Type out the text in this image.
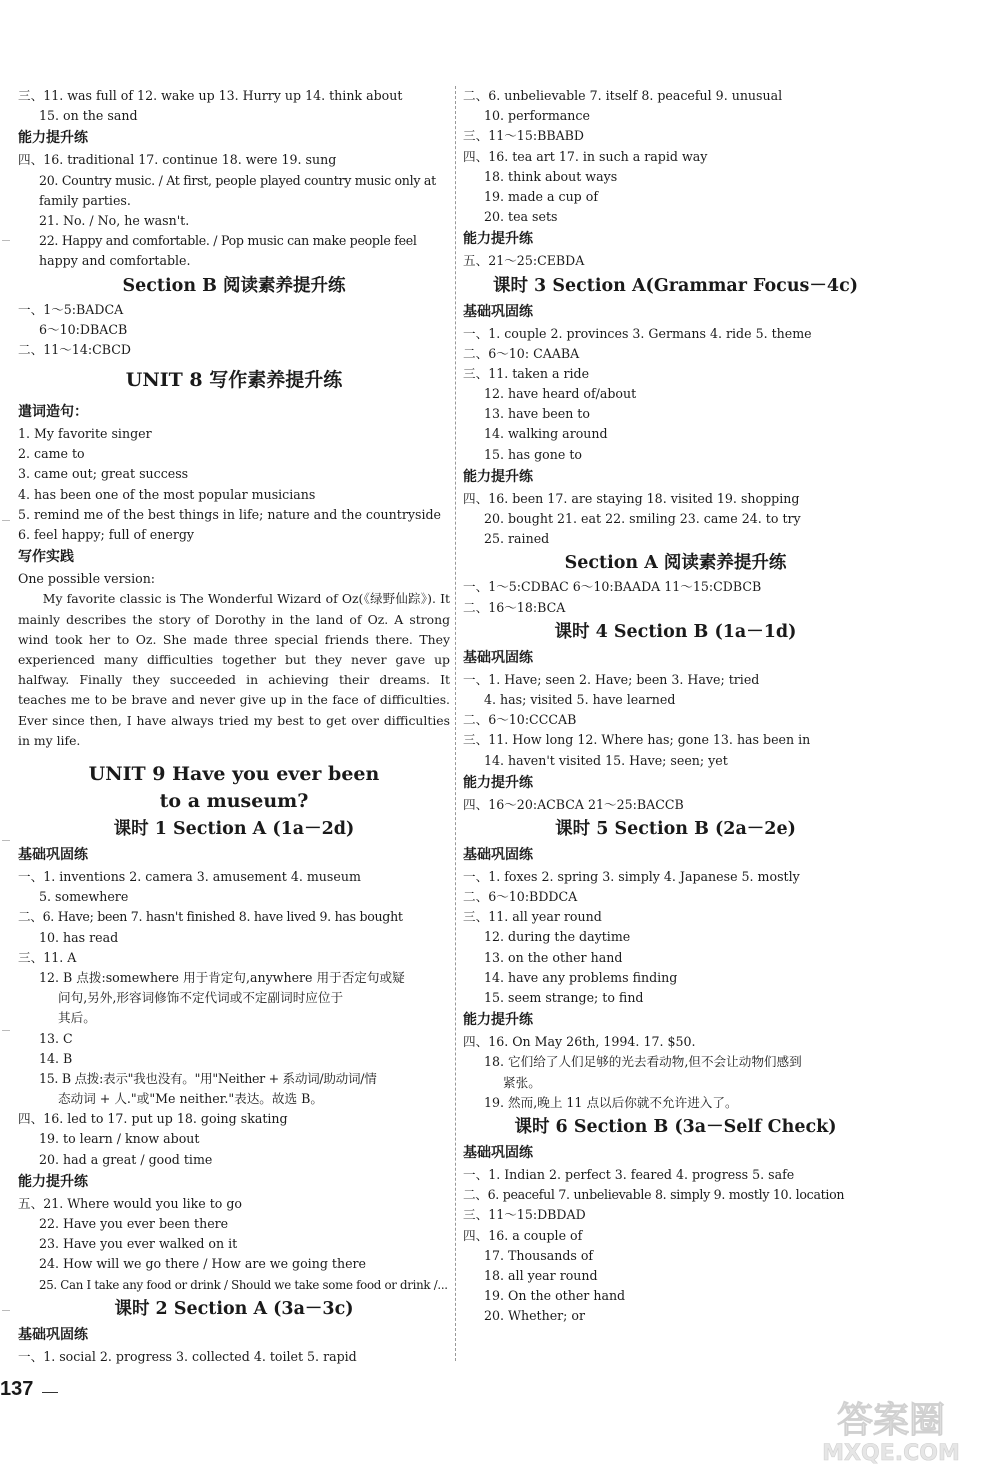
三、11. was full of 12. wake up 13. Hurry up 14. think about
15. on the sand
能力提升练
四、16. traditional 17. continue 18. were 19. sung
20. Country music. / At first, people played country music only at
family parties.
21. No. / No, he wasn't.
22. Happy and comfortable. / Pop music can make people feel
happy and comfortable.
Section B 阅读素养提升练
一、1～5:BADCA
6～10:DBACB
二、11～14:CBCD
UNIT 8 写作素养提升练
遣词造句：
1. My favorite singer
2. came to
3. came out; great success
4. has been one of the most popular musicians
5. remind me of the best things in life; nature and the countryside
6. feel happy; full of energy
写作实践
One possible version:

My favorite classic is The Wonderful Wizard of Oz(《绿野仙踪》). It mainly describes the story of Dorothy in the land of Oz. A strong wind took her to Oz. She made three special friends there. They experienced many difficulties together but they never gave up halfway. Finally they succeeded in achieving their dreams. It teaches me to be brave and never give up in the face of difficulties. Ever since then, I have always tried my best to get over difficulties in my life.

UNIT 9 Have you ever been
to a museum?
课时 1 Section A (1a－2d)
基础巩固练
一、1. inventions 2. camera 3. amusement 4. museum
5. somewhere
二、6. Have; been 7. hasn't finished 8. have lived 9. has bought
10. has read
三、11. A
12. B 点拨:somewhere 用于肯定句,anywhere 用于否定句或疑
问句,另外,形容词修饰不定代词或不定副词时应位于
其后。
13. C
14. B
15. B 点拨:表示"我也没有。"用"Neither + 系动词/助动词/情
态动词 + 人."或"Me neither."表达。故选 B。
四、16. led to 17. put up 18. going skating
19. to learn / know about
20. had a great / good time
能力提升练
五、21. Where would you like to go
22. Have you ever been there
23. Have you ever walked on it
24. How will we go there / How are we going there
25. Can I take any food or drink / Should we take some food or drink /...
课时 2 Section A (3a－3c)
基础巩固练
一、1. social 2. progress 3. collected 4. toilet 5. rapid
二、6. unbelievable 7. itself 8. peaceful 9. unusual
10. performance
三、11～15:BBABD
四、16. tea art 17. in such a rapid way
18. think about ways
19. made a cup of
20. tea sets
能力提升练
五、21～25:CEBDA
课时 3 Section A(Grammar Focus－4c)
基础巩固练
一、1. couple 2. provinces 3. Germans 4. ride 5. theme
二、6～10: CAABA
三、11. taken a ride
12. have heard of/about
13. have been to
14. walking around
15. has gone to
能力提升练
四、16. been 17. are staying 18. visited 19. shopping
20. bought 21. eat 22. smiling 23. came 24. to try
25. rained
Section A 阅读素养提升练
一、1～5:CDBAC 6～10:BAADA 11～15:CDBCB
二、16～18:BCA
课时 4 Section B (1a－1d)
基础巩固练
一、1. Have; seen 2. Have; been 3. Have; tried
4. has; visited 5. have learned
二、6～10:CCCAB
三、11. How long 12. Where has; gone 13. has been in
14. haven't visited 15. Have; seen; yet
能力提升练
四、16～20:ACBCA 21～25:BACCB
课时 5 Section B (2a－2e)
基础巩固练
一、1. foxes 2. spring 3. simply 4. Japanese 5. mostly
二、6～10:BDDCA
三、11. all year round
12. during the daytime
13. on the other hand
14. have any problems finding
15. seem strange; to find
能力提升练
四、16. On May 26th, 1994. 17. $50.
18. 它们给了人们足够的光去看动物,但不会让动物们感到
紧张。
19. 然而,晚上 11 点以后你就不允许进入了。
课时 6 Section B (3a－Self Check)
基础巩固练
一、1. Indian 2. perfect 3. feared 4. progress 5. safe
二、6. peaceful 7. unbelievable 8. simply 9. mostly 10. location
三、11～15:DBDAD
四、16. a couple of
17. Thousands of
18. all year round
19. On the other hand
20. Whether; or
137
答案圈
MXQE.COM
